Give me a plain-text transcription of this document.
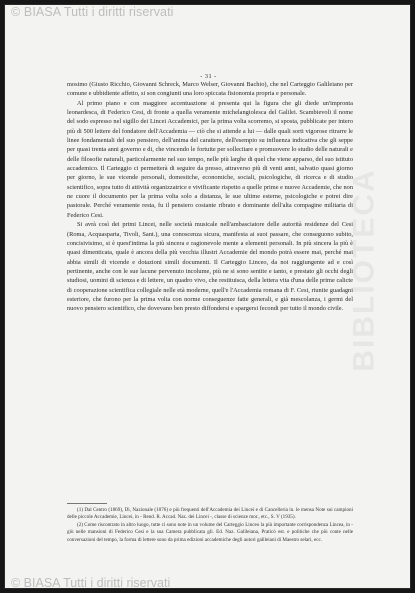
© BIASA Tutti i diritti riservati
BIBLIOTECA
- 31 -

mosimo (Giusto Ricchio, Giovanni Schreck, Marco Welser, Giovanni Bachio), che nel Carteggio Galileiano per comune e ubbidiente affetto, si son congiunti una loro spiccata fisionomia propria e personale.

Al primo piano e con maggiore accentuazione si presenta qui la figura che gli diede un'impronta leonardesca, di Federico Cesi, di fronte a quella veramente michelangiolesca del Galilei. Scambievoli il nome del sodo espresso nel sigillo dei Lincei Accademici, per la prima volta scorremo, si sposta, pubblicate per intero più di 500 lettere del fondatore dell'Accademia — ciò che si attende a lui — dalle quali sorti vigorose ritrarre le linee fondamentali del suo pensiero, dell'anima del carattere, dell'esempio su influenza indicativa che gli seppe per quasi trenta anni governo e di, che vincendo le fortuite per sollecitare e promuovere lo studio delle naturali e delle filosofie naturali, particolarmente nel suo tempo, nelle più larghe di quel che viene apparso, del suo istituto accademico. Il Carteggio ci permetterà di seguire da presso, attraverso più di venti anni, salvatio quasi giorno per giorno, le sue vicende personali, domestiche, economiche, sociali, psicologiche, di ricerca e di studio scientifico, sopra tutto di attività organizzatrice e vivificante rispetto a quelle prime e nuove Accademie, che non ne cuore il documento per la prima volta solo a distanza, le sue ultime esterne, psicologiche e potrei dire pastorale. Perché veramente resta, fu il pensiero costante ribrato e dominante dell'alta compagine militaria di Federico Cesi.

Si avrà così dei primi Lincei, nelle società musicale nell'ambasciatore delle autorità residenze del Cesi (Roma, Acquasparta, Tivoli, Sant.), una conoscenza sicura, manifesta ai suoi passare, che conseguono subito, concisivisimo, si è quest'intima la più sincera e ragionevole mente a elementi personali. In più sincera la più è quasi dimenticata, quale è ancora della più vecchia illustri Accademie del mondo potrà essere mai, perché mai abbia simili di vicende e dotazioni simili documenti. Il Carteggio Linceo, da noi raggiungente ad e così pertinente, anche con le sue lacune pervenuto incolume, più ne si sono sentite e tanto, e prestato gli occhi degli studiosi, uomini di scienza e di lettere, un quadro vivo, che restituisca, della lettera vita d'una delle prime calicte di cooperazione scientifica collegiale nelle età moderne, quell'e l'Accademia romana di F. Cesi, riunite guadagni esteriore, che furono per la prima volta con norme conseguenze fatte generali, e già mescolanza, i germi del nuovo pensiero scientifico, che dovevano ben presto diffondersi e spargersi fecondi per tutto il mondo civile.

(1) Dal Centro (1869), Di, Nazionale (1876) e più frequenti dell'Accademia dei Lincei e di Cancelleria in. le mensa Note sui campioni delle piccole Accademie, Lincei, in - Rend. R. Accad. Naz. dei Lincei -, classe di scienze mor., etc., S. V (1935).

(2) Come riscontrato in altro luogo, tutte ci sono note in un volume del Carteggio Linceo la più importante corrispondenza Lincea, in - giù nelle mansioni di Federico Cesi e la sua Camera pubblicata gli. Ed. Naz. Galileiana, Praticò est. e politiche che più conte nelle conversazioni del tempo, la forma di lettere sono da prima edizioni accademiche degli autori galileiani di Maestro selari, ecc.

© BIASA Tutti i diritti riservati
